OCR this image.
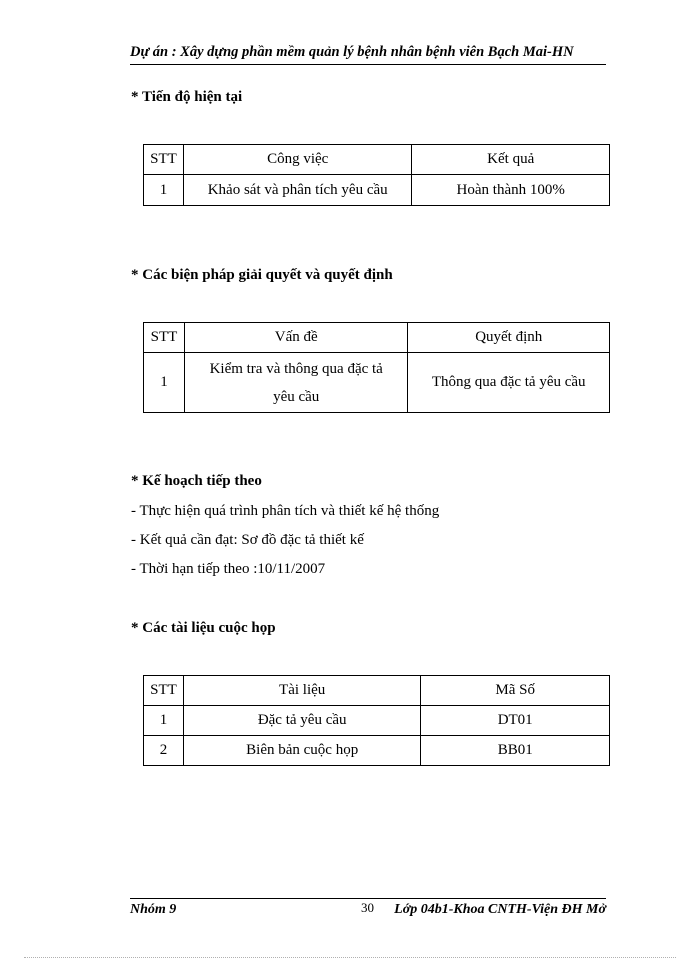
Dự án : Xây dựng phần mềm quản lý bệnh nhân bệnh viên Bạch Mai-HN
* Tiến độ hiện tại
STT	Công việc	Kết quả
1	Khảo sát và phân tích yêu cầu	Hoàn thành 100%
* Các biện pháp giải quyết và quyết định
STT	Vấn đề	Quyết định
1	Kiểm tra và thông qua đặc tả yêu cầu	Thông qua đặc tả yêu cầu
* Kế hoạch tiếp theo
- Thực hiện quá trình phân tích và thiết kế hệ thống
- Kết quả cần đạt: Sơ đồ đặc tả thiết kế
- Thời hạn tiếp theo :10/11/2007
* Các tài liệu cuộc họp
STT	Tài liệu	Mã Số
1	Đặc tả yêu cầu	DT01
2	Biên bản cuộc họp	BB01
Nhóm 9	30 Lớp 04b1-Khoa CNTH-Viện ĐH Mở
